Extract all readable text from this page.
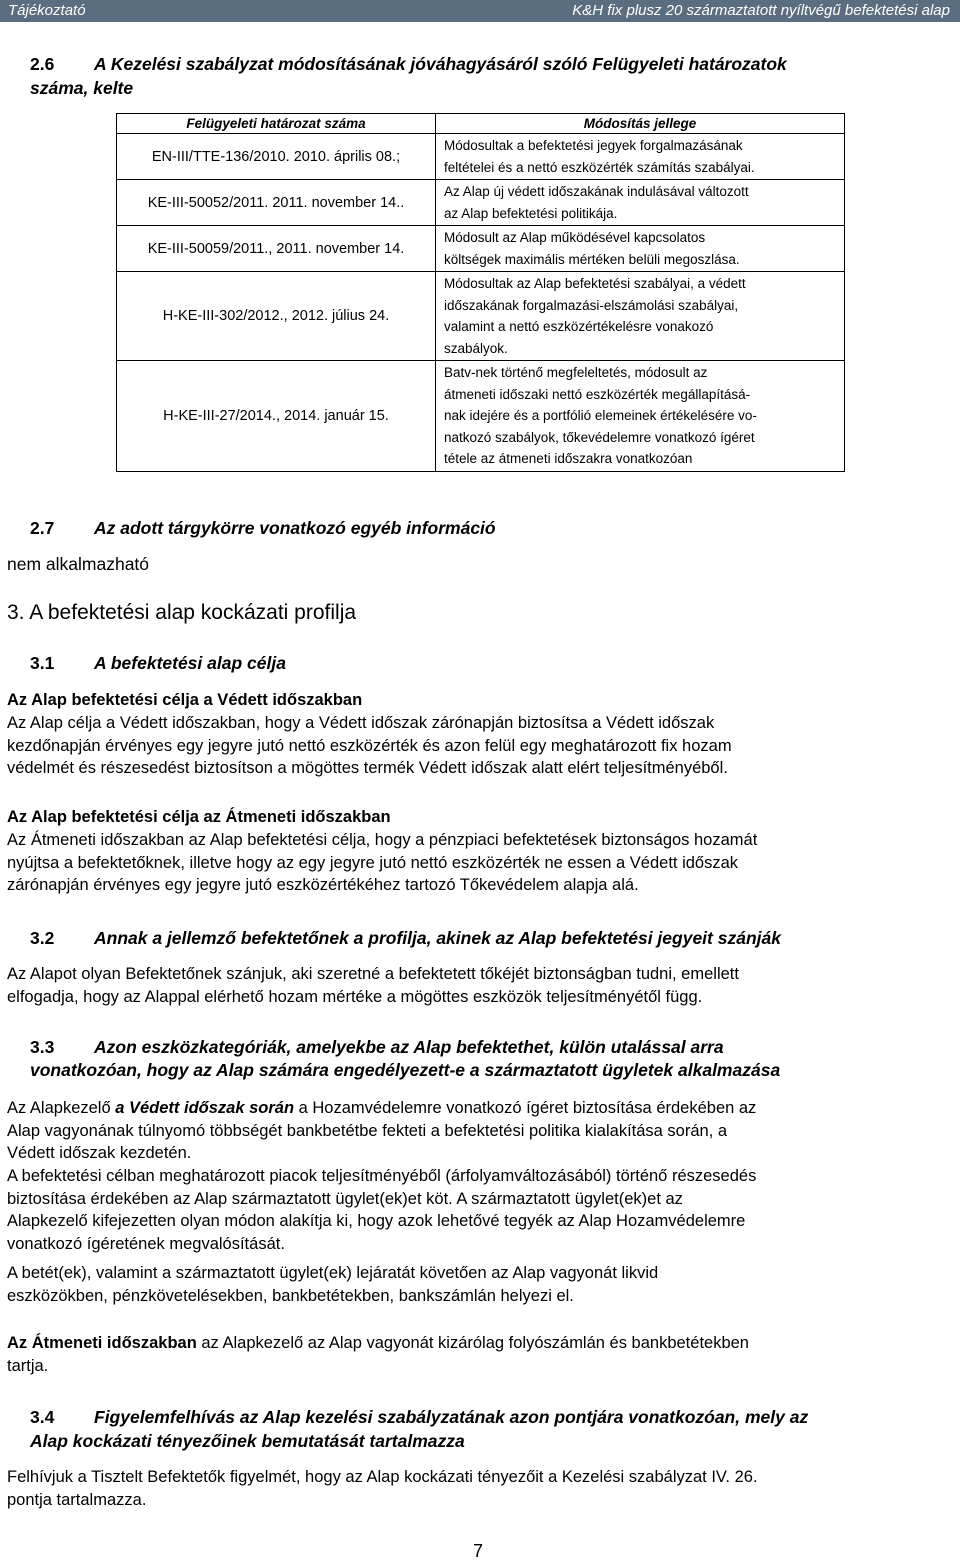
Tájékoztató	K&H fix plusz 20 származtatott nyíltvégű befektetési alap
2.6 A Kezelési szabályzat módosításának jóváhagyásáról szóló Felügyeleti határozatok
száma, kelte
Felügyeleti határozat száma	Módosítás jellege
EN-III/TTE-136/2010. 2010. április 08.;	Módosultak a befektetési jegyek forgalmazásának
feltételei és a nettó eszközérték számítás szabályai.

KE-III-50052/2011. 2011. november 14..	Az Alap új védett időszakának indulásával változott
az Alap befektetési politikája.

KE-III-50059/2011., 2011. november 14.	Módosult az Alap működésével kapcsolatos
költségek maximális mértéken belüli megoszlása.

H-KE-III-302/2012., 2012. július 24.	Módosultak az Alap befektetési szabályai, a védett
időszakának forgalmazási-elszámolási szabályai,
valamint a nettó eszközértékelésre vonakozó
szabályok.

H-KE-III-27/2014., 2014. január 15.	Batv-nek történő megfeleltetés, módosult az
átmeneti időszaki nettó eszközérték megállapításá-
nak idejére és a portfólió elemeinek értékelésére vo-
natkozó szabályok, tőkevédelemre vonatkozó ígéret
tétele az átmeneti időszakra vonatkozóan
2.7 Az adott tárgykörre vonatkozó egyéb információ
nem alkalmazható
3. A befektetési alap kockázati profilja
3.1 A befektetési alap célja
Az Alap befektetési célja a Védett időszakban
Az Alap célja a Védett időszakban, hogy a Védett időszak zárónapján biztosítsa a Védett időszak
kezdőnapján érvényes egy jegyre jutó nettó eszközérték és azon felül egy meghatározott fix hozam
védelmét és részesedést biztosítson a mögöttes termék Védett időszak alatt elért teljesítményéből.
Az Alap befektetési célja az Átmeneti időszakban
Az Átmeneti időszakban az Alap befektetési célja, hogy a pénzpiaci befektetések biztonságos hozamát
nyújtsa a befektetőknek, illetve hogy az egy jegyre jutó nettó eszközérték ne essen a Védett időszak
zárónapján érvényes egy jegyre jutó eszközértékéhez tartozó Tőkevédelem alapja alá.
3.2 Annak a jellemző befektetőnek a profilja, akinek az Alap befektetési jegyeit szánják
Az Alapot olyan Befektetőnek szánjuk, aki szeretné a befektetett tőkéjét biztonságban tudni, emellett
elfogadja, hogy az Alappal elérhető hozam mértéke a mögöttes eszközök teljesítményétől függ.
3.3 Azon eszközkategóriák, amelyekbe az Alap befektethet, külön utalással arra
vonatkozóan, hogy az Alap számára engedélyezett-e a származtatott ügyletek alkalmazása
Az Alapkezelő a Védett időszak során a Hozamvédelemre vonatkozó ígéret biztosítása érdekében az
Alap vagyonának túlnyomó többségét bankbetétbe fekteti a befektetési politika kialakítása során, a
Védett időszak kezdetén.
A befektetési célban meghatározott piacok teljesítményéből (árfolyamváltozásából) történő részesedés
biztosítása érdekében az Alap származtatott ügylet(ek)et köt. A származtatott ügylet(ek)et az
Alapkezelő kifejezetten olyan módon alakítja ki, hogy azok lehetővé tegyék az Alap Hozamvédelemre
vonatkozó ígéretének megvalósítását.
A betét(ek), valamint a származtatott ügylet(ek) lejáratát követően az Alap vagyonát likvid
eszközökben, pénzkövetelésekben, bankbetétekben, bankszámlán helyezi el.
Az Átmeneti időszakban az Alapkezelő az Alap vagyonát kizárólag folyószámlán és bankbetétekben
tartja.
3.4 Figyelemfelhívás az Alap kezelési szabályzatának azon pontjára vonatkozóan, mely az
Alap kockázati tényezőinek bemutatását tartalmazza
Felhívjuk a Tisztelt Befektetők figyelmét, hogy az Alap kockázati tényezőit a Kezelési szabályzat IV. 26.
pontja tartalmazza.
7
